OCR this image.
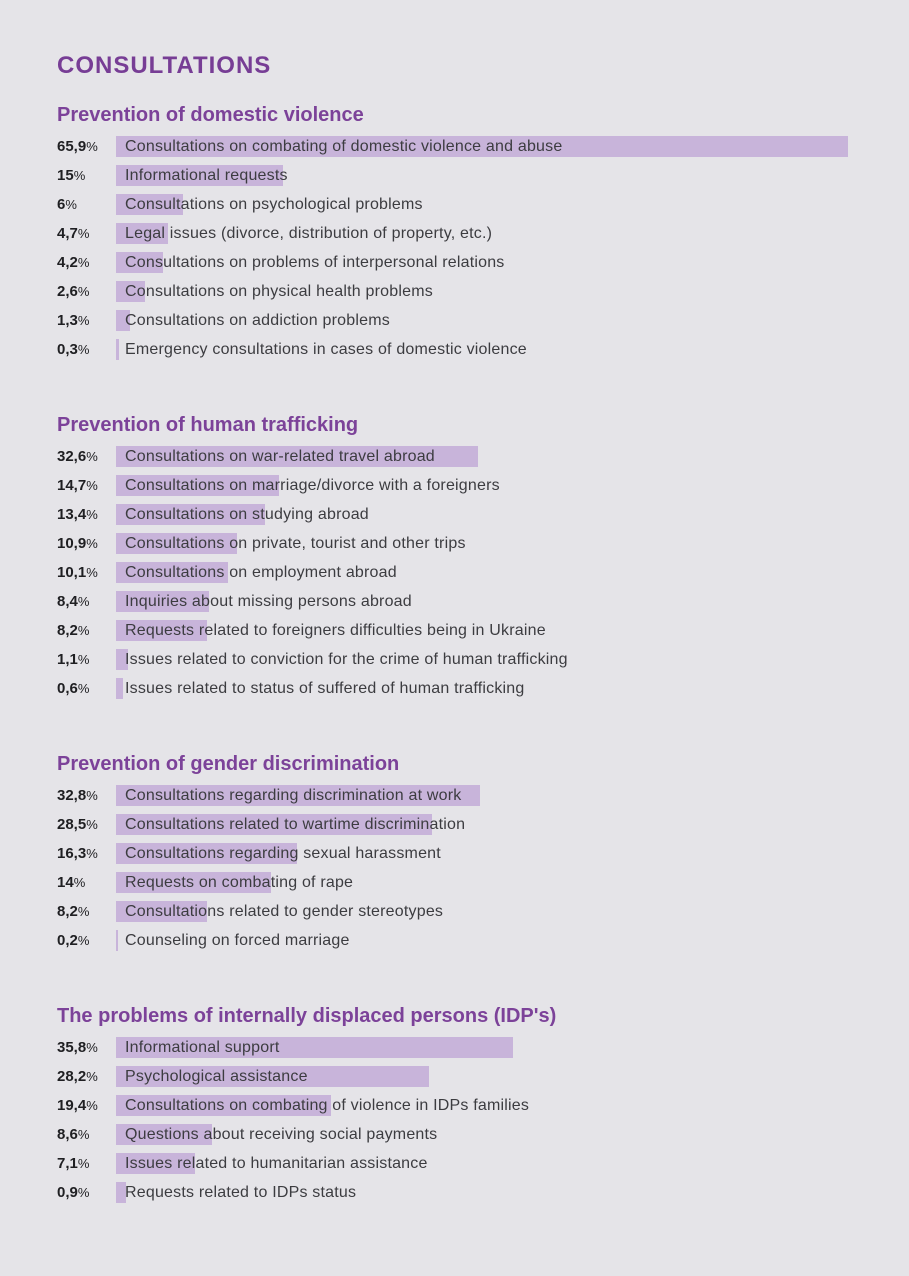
CONSULTATIONS
Prevention of domestic violence
65,9%	Consultations on combating of domestic violence and abuse
15%	Informational requests
6%	Consultations on psychological problems
4,7%	Legal issues (divorce, distribution of property, etc.)
4,2%	Consultations on problems of interpersonal relations
2,6%	Consultations on physical health problems
1,3%	Consultations on addiction problems
0,3%	Emergency consultations in cases of domestic violence
Prevention of human trafficking
32,6%	Consultations on war-related travel abroad
14,7%	Consultations on marriage/divorce with a foreigners
13,4%	Consultations on studying abroad
10,9%	Consultations on private, tourist and other trips
10,1%	Consultations on employment abroad
8,4%	Inquiries about missing persons abroad
8,2%	Requests related to foreigners difficulties being in Ukraine
1,1%	Issues related to conviction for the crime of human trafficking
0,6%	Issues related to status of suffered of human trafficking
Prevention of gender discrimination
32,8%	Consultations regarding discrimination at work
28,5%	Consultations related to wartime discrimination
16,3%	Consultations regarding sexual harassment
14%	Requests on combating of rape
8,2%	Consultations related to gender stereotypes
0,2%	Counseling on forced marriage
The problems of internally displaced persons (IDP's)
35,8%	Informational support
28,2%	Psychological assistance
19,4%	Consultations on combating of violence in IDPs families
8,6%	Questions about receiving social payments
7,1%	Issues related to humanitarian assistance
0,9%	Requests related to IDPs status
